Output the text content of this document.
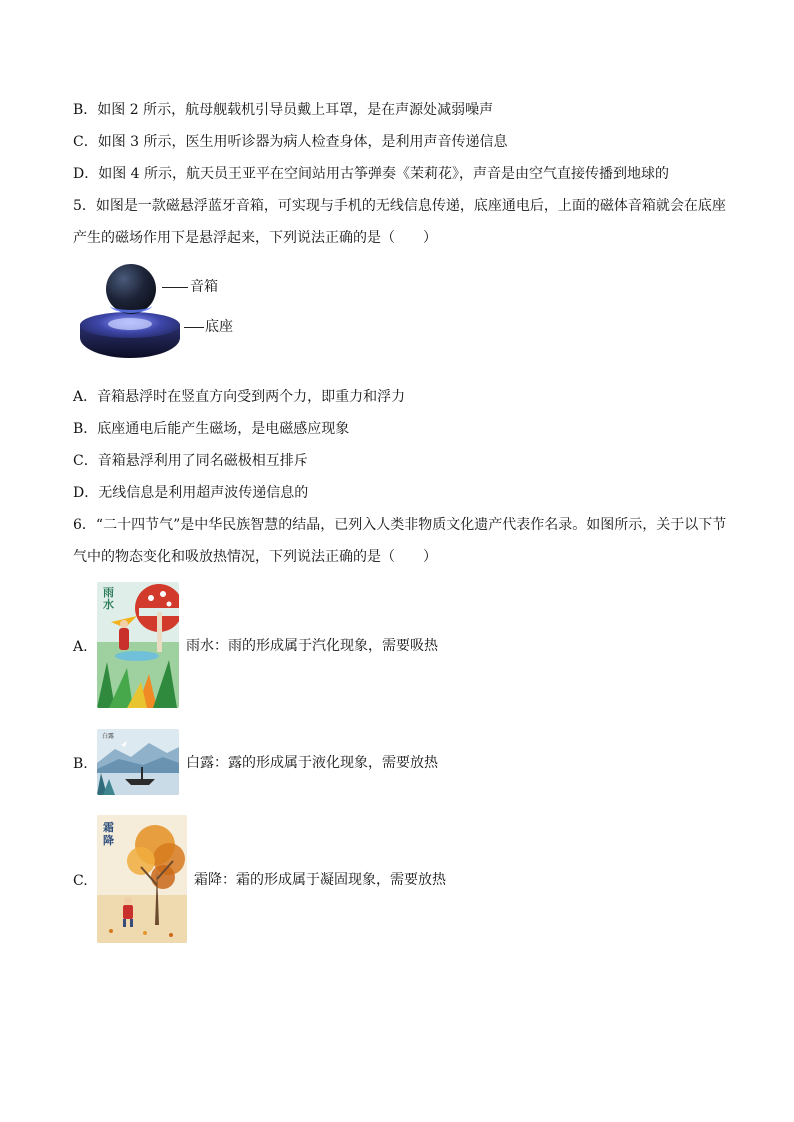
B．如图 2 所示，航母舰载机引导员戴上耳罩，是在声源处减弱噪声
C．如图 3 所示，医生用听诊器为病人检查身体，是利用声音传递信息
D．如图 4 所示，航天员王亚平在空间站用古筝弹奏《茉莉花》，声音是由空气直接传播到地球的
5．如图是一款磁悬浮蓝牙音箱，可实现与手机的无线信息传递，底座通电后，上面的磁体音箱就会在底座
产生的磁场作用下是悬浮起来，下列说法正确的是（　　）
音箱
底座
A．音箱悬浮时在竖直方向受到两个力，即重力和浮力
B．底座通电后能产生磁场，是电磁感应现象
C．音箱悬浮利用了同名磁极相互排斥
D．无线信息是利用超声波传递信息的
6．“二十四节气”是中华民族智慧的结晶，已列入人类非物质文化遗产代表作名录。如图所示，关于以下节
气中的物态变化和吸放热情况，下列说法正确的是（　　）
A.
雨水
雨水：雨的形成属于汽化现象，需要吸热
B.
白露
白露：露的形成属于液化现象，需要放热
C.
霜降
霜降：霜的形成属于凝固现象，需要放热
